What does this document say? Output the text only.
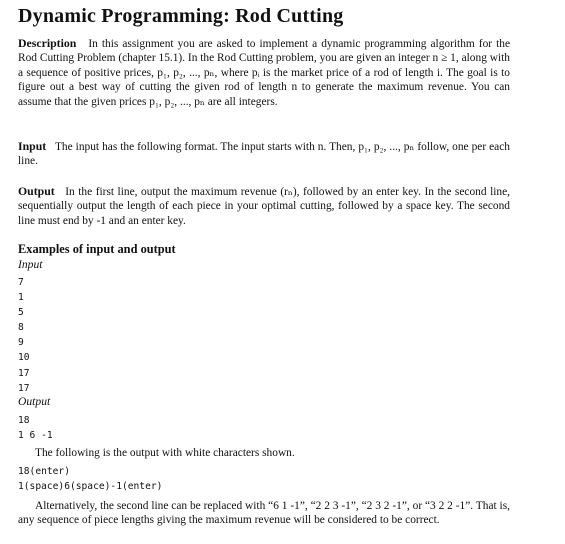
Dynamic Programming: Rod Cutting

Description In this assignment you are asked to implement a dynamic programming algorithm for the Rod Cutting Problem (chapter 15.1). In the Rod Cutting problem, you are given an integer n ≥ 1, along with a sequence of positive prices, p₁, p₂, ..., pₙ, where pᵢ is the market price of a rod of length i. The goal is to figure out a best way of cutting the given rod of length n to generate the maximum revenue. You can assume that the given prices p₁, p₂, ..., pₙ are all integers.

Input The input has the following format. The input starts with n. Then, p₁, p₂, ..., pₙ follow, one per each line.

Output In the first line, output the maximum revenue (rₙ), followed by an enter key. In the second line, sequentially output the length of each piece in your optimal cutting, followed by a space key. The second line must end by -1 and an enter key.

Examples of input and output
Input
7
1
5
8
9
10
17
17
Output
18
1 6 -1

The following is the output with white characters shown.

18(enter)
1(space)6(space)-1(enter)

Alternatively, the second line can be replaced with “6 1 -1”, “2 2 3 -1”, “2 3 2 -1”, or “3 2 2 -1”. That is, any sequence of piece lengths giving the maximum revenue will be considered to be correct.
